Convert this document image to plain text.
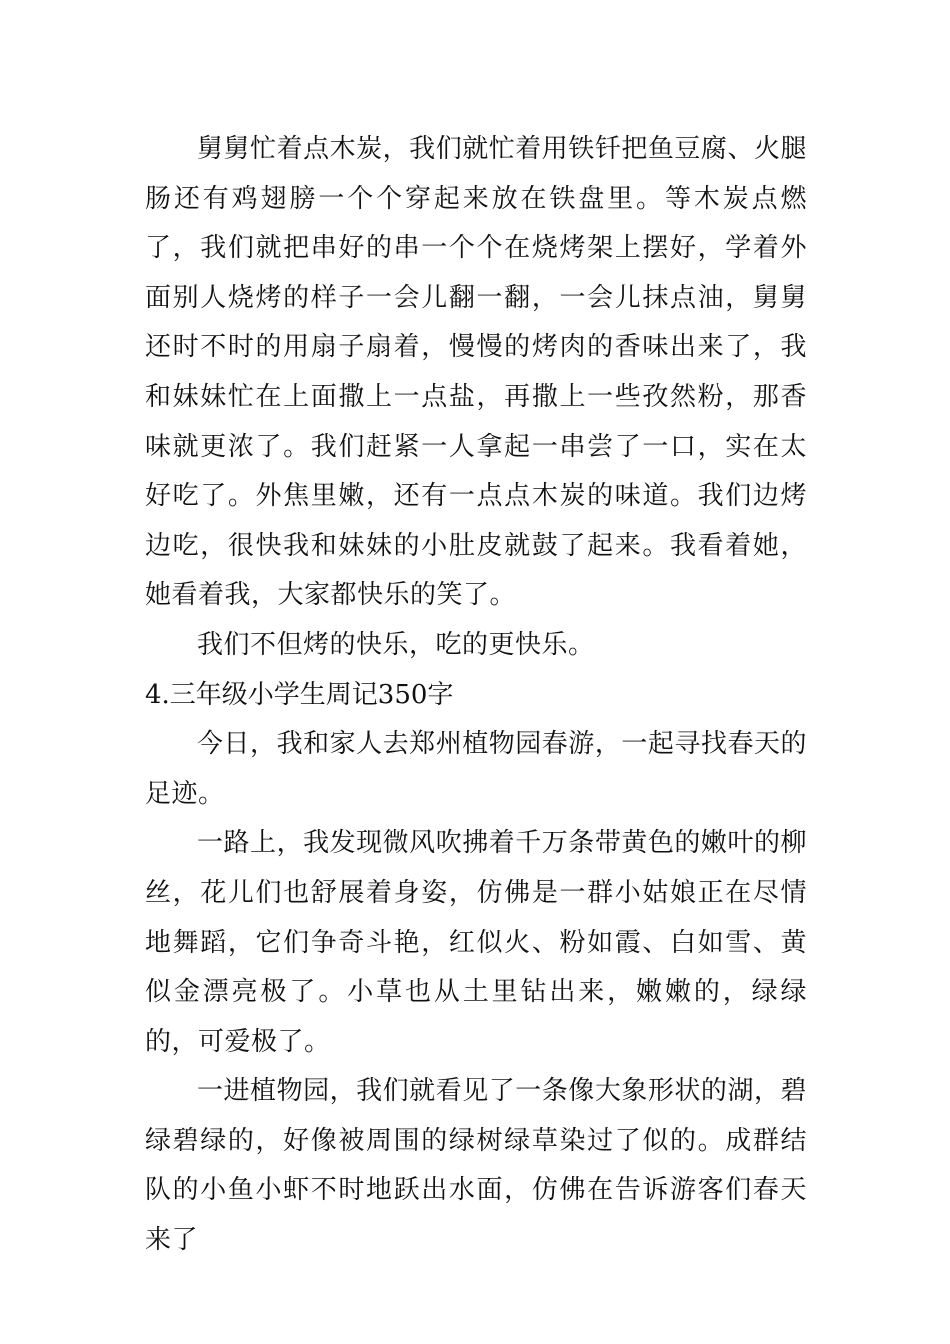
舅舅忙着点木炭，我们就忙着用铁钎把鱼豆腐、火腿肠还有鸡翅膀一个个穿起来放在铁盘里。等木炭点燃了，我们就把串好的串一个个在烧烤架上摆好，学着外面别人烧烤的样子一会儿翻一翻，一会儿抹点油，舅舅还时不时的用扇子扇着，慢慢的烤肉的香味出来了，我和妹妹忙在上面撒上一点盐，再撒上一些孜然粉，那香味就更浓了。我们赶紧一人拿起一串尝了一口，实在太好吃了。外焦里嫩，还有一点点木炭的味道。我们边烤边吃，很快我和妹妹的小肚皮就鼓了起来。我看着她，她看着我，大家都快乐的笑了。

我们不但烤的快乐，吃的更快乐。

4.三年级小学生周记350字

今日，我和家人去郑州植物园春游，一起寻找春天的足迹。

一路上，我发现微风吹拂着千万条带黄色的嫩叶的柳丝，花儿们也舒展着身姿，仿佛是一群小姑娘正在尽情地舞蹈，它们争奇斗艳，红似火、粉如霞、白如雪、黄似金漂亮极了。小草也从土里钻出来，嫩嫩的，绿绿的，可爱极了。

一进植物园，我们就看见了一条像大象形状的湖，碧绿碧绿的，好像被周围的绿树绿草染过了似的。成群结队的小鱼小虾不时地跃出水面，仿佛在告诉游客们春天来了
